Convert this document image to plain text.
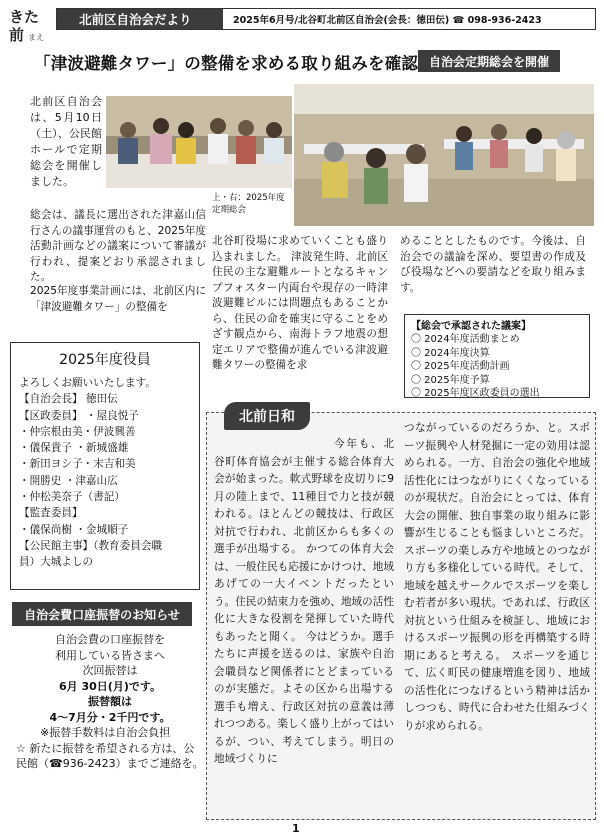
きた
前 まえ
北前区自治会だより	2025年6月号/北谷町北前区自治会(会長：徳田伝) ☎ 098-936-2423
「津波避難タワー」の整備を求める取り組みを確認 自治会定期総会を開催
上・右：2025年度定期総会
北前区自治会は、5月10日（土）、公民館ホールで定期総会を開催しました。
総会は、議長に選出された津嘉山信行さんの議事運営のもと、2025年度活動計画などの議案について審議が行われ、提案どおり承認されました。
2025年度事業計画には、北前区内に「津波避難タワー」の整備を
北谷町役場に求めていくことも盛り込まれました。 津波発生時、北前区住民の主な避難ルートとなるキャンプフォスター内両台や現存の一時津波避難ビルには問題点もあることから、住民の命を確実に守ることをめざす観点から、南海トラフ地震の想定エリアで整備が進んでいる津波避難タワーの整備を求
めることとしたものです。今後は、自治会での議論を深め、要望書の作成及び役場などへの要請などを取り組みます。
【総会で承認された議案】
〇 2024年度活動まとめ
〇 2024年度決算
〇 2025年度活動計画
〇 2025年度予算
〇 2025年度区政委員の選出
2025年度役員
よろしくお願いいたします。
【自治会長】 徳田伝
【区政委員】 ・屋良悦子
・仲宗根由美・伊波興善
・儀保貴子 ・新城盛雄
・新田ヨシ子・末吉和美
・開勝史 ・津嘉山広
・仲松美奈子（書記）
【監査委員】
・儀保尚樹 ・金城順子
【公民館主事】（教育委員会職
員）大城よしの
自治会費口座振替のお知らせ
自治会費の口座振替を
利用している皆さまへ
次回振替は
6月 30日(月)です。
振替額は
4～7月分・2千円です。
※振替手数料は自治会負担
☆ 新たに振替を希望される方は、公民館（☎936-2423）までご連絡を。
北前日和
今年も、北谷町体育協会が主催する総合体育大会が始まった。軟式野球を皮切りに9月の陸上まで、11種目で力と技が競われる。ほとんどの競技は、行政区対抗で行われ、北前区からも多くの選手が出場する。 かつての体育大会は、一般住民も応援にかけつけ、地域あげての一大イベントだったという。住民の結束力を強め、地域の活性化に大きな役割を発揮していた時代もあったと聞く。 今はどうか。選手たちに声援を送るのは、家族や自治会職員など関係者にとどまっているのが実態だ。よその区から出場する選手も増え、行政区対抗の意義は薄れつつある。楽しく盛り上がってはいるが、つい、考えてしまう。明日の地域づくりに
つながっているのだろうか、と。スポーツ振興や人材発掘に一定の効用は認められる。一方、自治会の強化や地域活性化にはつながりにくくなっているのが現状だ。自治会にとっては、体育大会の開催、独自事業の取り組みに影響が生じることも悩ましいところだ。 スポーツの楽しみ方や地域とのつながり方も多様化している時代。そして、地域を越えサークルでスポーツを楽しむ若者が多い現状。であれば、行政区対抗という仕組みを検証し、地域におけるスポーツ振興の形を再構築する時期にあると考える。 スポーツを通じて、広く町民の健康増進を図り、地域の活性化につなげるという精神は活かしつつも、時代に合わせた仕組みづくりが求められる。
1
